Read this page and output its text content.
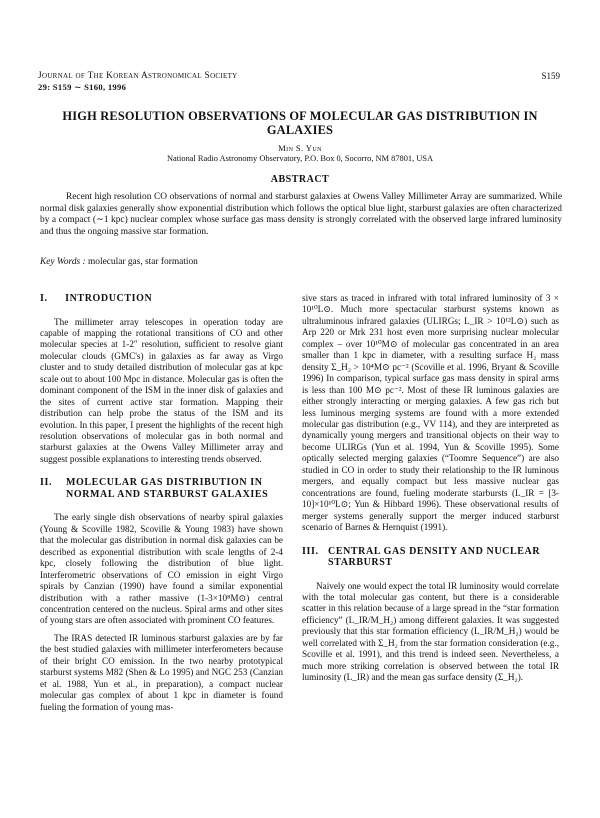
Journal of The Korean Astronomical Society
29: S159 ∼ S160, 1996
S159
HIGH RESOLUTION OBSERVATIONS OF MOLECULAR GAS DISTRIBUTION IN GALAXIES
Min S. Yun
National Radio Astronomy Observatory, P.O. Box 0, Socorro, NM 87801, USA
ABSTRACT
Recent high resolution CO observations of normal and starburst galaxies at Owens Valley Millimeter Array are summarized. While normal disk galaxies generally show exponential distribution which follows the optical blue light, starburst galaxies are often characterized by a compact (∼1 kpc) nuclear complex whose surface gas mass density is strongly correlated with the observed large infrared luminosity and thus the ongoing massive star formation.
Key Words : molecular gas, star formation
I. INTRODUCTION

The millimeter array telescopes in operation today are capable of mapping the rotational transitions of CO and other molecular species at 1-2″ resolution, sufficient to resolve giant molecular clouds (GMC's) in galaxies as far away as Virgo cluster and to study detailed distribution of molecular gas at kpc scale out to about 100 Mpc in distance. Molecular gas is often the dominant component of the ISM in the inner disk of galaxies and the sites of current active star formation. Mapping their distribution can help probe the status of the ISM and its evolution. In this paper, I present the highlights of the recent high resolution observations of molecular gas in both normal and starburst galaxies at the Owens Valley Millimeter array and suggest possible explanations to interesting trends observed.

II.	MOLECULAR GAS DISTRIBUTION IN NORMAL AND STARBURST GALAXIES

The early single dish observations of nearby spiral galaxies (Young & Scoville 1982, Scoville & Young 1983) have shown that the molecular gas distribution in normal disk galaxies can be described as exponential distribution with scale lengths of 2-4 kpc, closely following the distribution of blue light. Interferometric observations of CO emission in eight Virgo spirals by Canzian (1990) have found a similar exponential distribution with a rather massive (1-3×10⁸M⊙) central concentration centered on the nucleus. Spiral arms and other sites of young stars are often associated with prominent CO features.

The IRAS detected IR luminous starburst galaxies are by far the best studied galaxies with millimeter interferometers because of their bright CO emission. In the two nearby prototypical starburst systems M82 (Shen & Lo 1995) and NGC 253 (Canzian et al. 1988, Yun et al., in preparation), a compact nuclear molecular gas complex of about 1 kpc in diameter is found fueling the formation of young mas-

sive stars as traced in infrared with total infrared luminosity of 3 × 10¹⁰L⊙. Much more spectacular starburst systems known as ultraluminous infrared galaxies (ULIRGs; L_IR > 10¹²L⊙) such as Arp 220 or Mrk 231 host even more surprising nuclear molecular complex – over 10¹⁰M⊙ of molecular gas concentrated in an area smaller than 1 kpc in diameter, with a resulting surface H₂ mass density Σ_H₂ > 10⁴M⊙ pc⁻² (Scoville et al. 1996, Bryant & Scoville 1996) In comparison, typical surface gas mass density in spiral arms is less than 100 M⊙ pc⁻². Most of these IR luminous galaxies are either strongly interacting or merging galaxies. A few gas rich but less luminous merging systems are found with a more extended molecular gas distribution (e.g., VV 114), and they are interpreted as dynamically young mergers and transitional objects on their way to become ULIRGs (Yun et al. 1994, Yun & Scoville 1995). Some optically selected merging galaxies (“Toomre Sequence”) are also studied in CO in order to study their relationship to the IR luminous mergers, and equally compact but less massive nuclear gas concentrations are found, fueling moderate starbursts (L_IR = [3-10]×10¹⁰L⊙; Yun & Hibbard 1996). These observational results of merger systems generally support the merger induced starburst scenario of Barnes & Hernquist (1991).

III. CENTRAL GAS DENSITY AND NUCLEAR STARBURST

Naively one would expect the total IR luminosity would correlate with the total molecular gas content, but there is a considerable scatter in this relation because of a large spread in the “star formation efficiency” (L_IR/M_H₂) among different galaxies. It was suggested previously that this star formation efficiency (L_IR/M_H₂) would be well correlated with Σ_H₂ from the star formation consideration (e.g., Scoville et al. 1991), and this trend is indeed seen. Nevertheless, a much more striking correlation is observed between the total IR luminosity (L_IR) and the mean gas surface density (Σ_H₂).
